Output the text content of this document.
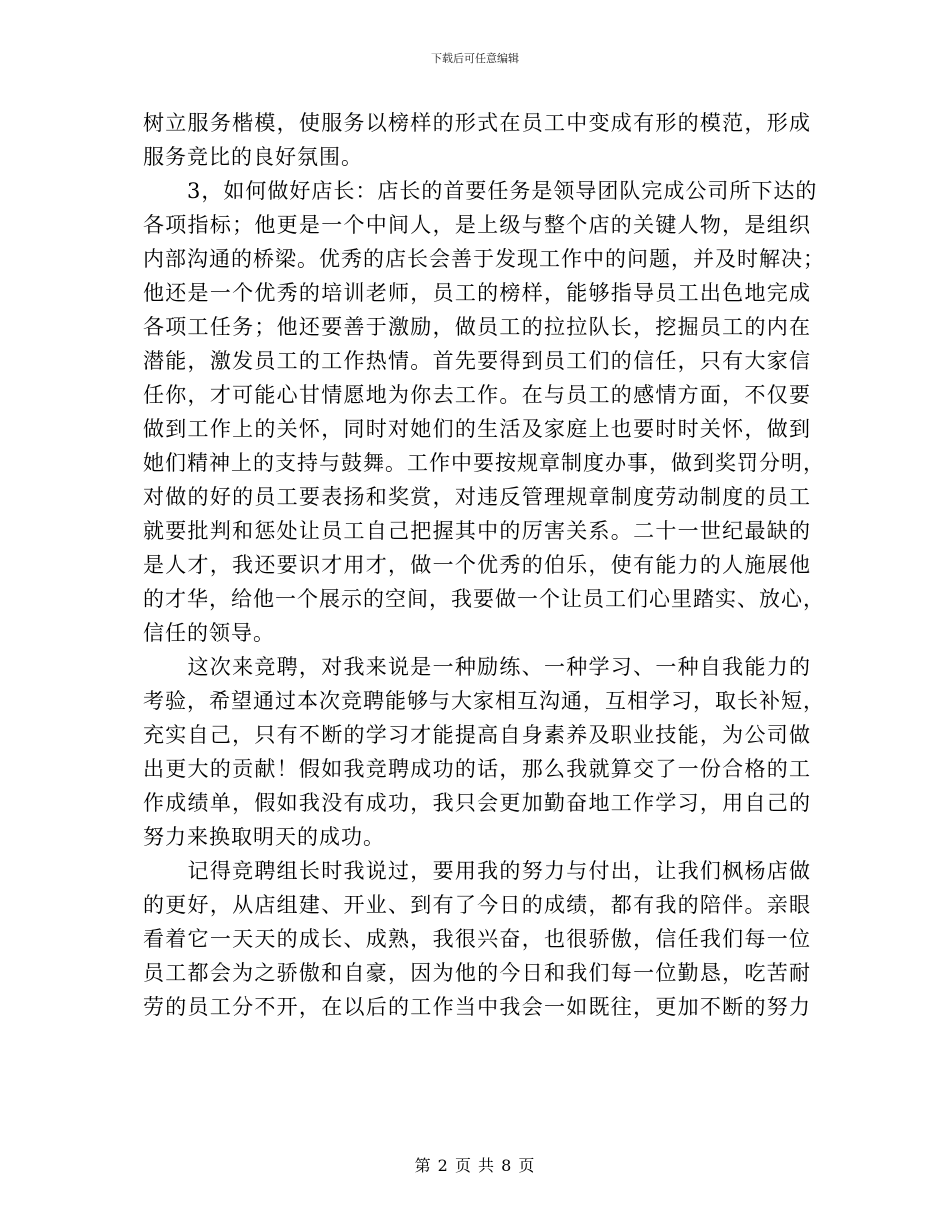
下载后可任意编辑
树立服务楷模，使服务以榜样的形式在员工中变成有形的模范，形成
服务竞比的良好氛围。
　　3，如何做好店长：店长的首要任务是领导团队完成公司所下达的
各项指标；他更是一个中间人，是上级与整个店的关键人物，是组织
内部沟通的桥梁。优秀的店长会善于发现工作中的问题，并及时解决；
他还是一个优秀的培训老师，员工的榜样，能够指导员工出色地完成
各项工任务；他还要善于激励，做员工的拉拉队长，挖掘员工的内在
潜能，激发员工的工作热情。首先要得到员工们的信任，只有大家信
任你，才可能心甘情愿地为你去工作。在与员工的感情方面，不仅要
做到工作上的关怀，同时对她们的生活及家庭上也要时时关怀，做到
她们精神上的支持与鼓舞。工作中要按规章制度办事，做到奖罚分明，
对做的好的员工要表扬和奖赏，对违反管理规章制度劳动制度的员工
就要批判和惩处让员工自己把握其中的厉害关系。二十一世纪最缺的
是人才，我还要识才用才，做一个优秀的伯乐，使有能力的人施展他
的才华，给他一个展示的空间，我要做一个让员工们心里踏实、放心，
信任的领导。
　　这次来竞聘，对我来说是一种励练、一种学习、一种自我能力的
考验，希望通过本次竞聘能够与大家相互沟通，互相学习，取长补短，
充实自己，只有不断的学习才能提高自身素养及职业技能，为公司做
出更大的贡献！假如我竞聘成功的话，那么我就算交了一份合格的工
作成绩单，假如我没有成功，我只会更加勤奋地工作学习，用自己的
努力来换取明天的成功。
　　记得竞聘组长时我说过，要用我的努力与付出，让我们枫杨店做
的更好，从店组建、开业、到有了今日的成绩，都有我的陪伴。亲眼
看着它一天天的成长、成熟，我很兴奋，也很骄傲，信任我们每一位
员工都会为之骄傲和自豪，因为他的今日和我们每一位勤恳，吃苦耐
劳的员工分不开，在以后的工作当中我会一如既往，更加不断的努力
第 2 页 共 8 页
